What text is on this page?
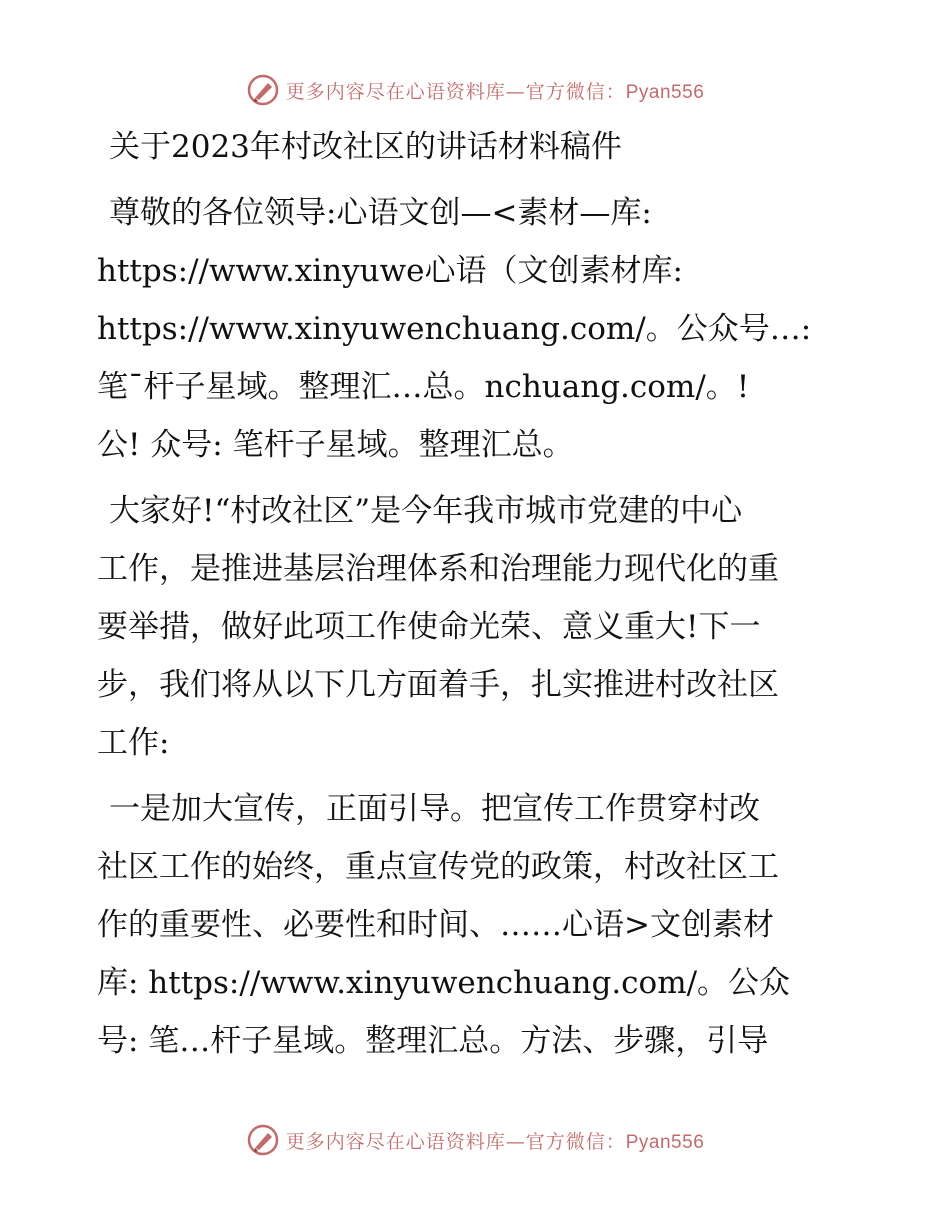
更多内容尽在心语资料库—官方微信：Pyan556
关于2023年村改社区的讲话材料稿件
尊敬的各位领导:心语文创—<素材—库:
https://www.xinyuwe心语（文创素材库:
https://www.xinyuwenchuang.com/。公众号…:
笔¯杆子星域。整理汇…总。nchuang.com/。!
公! 众号: 笔杆子星域。整理汇总。
大家好!“村改社区”是今年我市城市党建的中心
工作，是推进基层治理体系和治理能力现代化的重
要举措，做好此项工作使命光荣、意义重大!下一
步，我们将从以下几方面着手，扎实推进村改社区
工作:
一是加大宣传，正面引导。把宣传工作贯穿村改
社区工作的始终，重点宣传党的政策，村改社区工
作的重要性、必要性和时间、……心语>文创素材
库: https://www.xinyuwenchuang.com/。公众
号: 笔…杆子星域。整理汇总。方法、步骤，引导
更多内容尽在心语资料库—官方微信：Pyan556
